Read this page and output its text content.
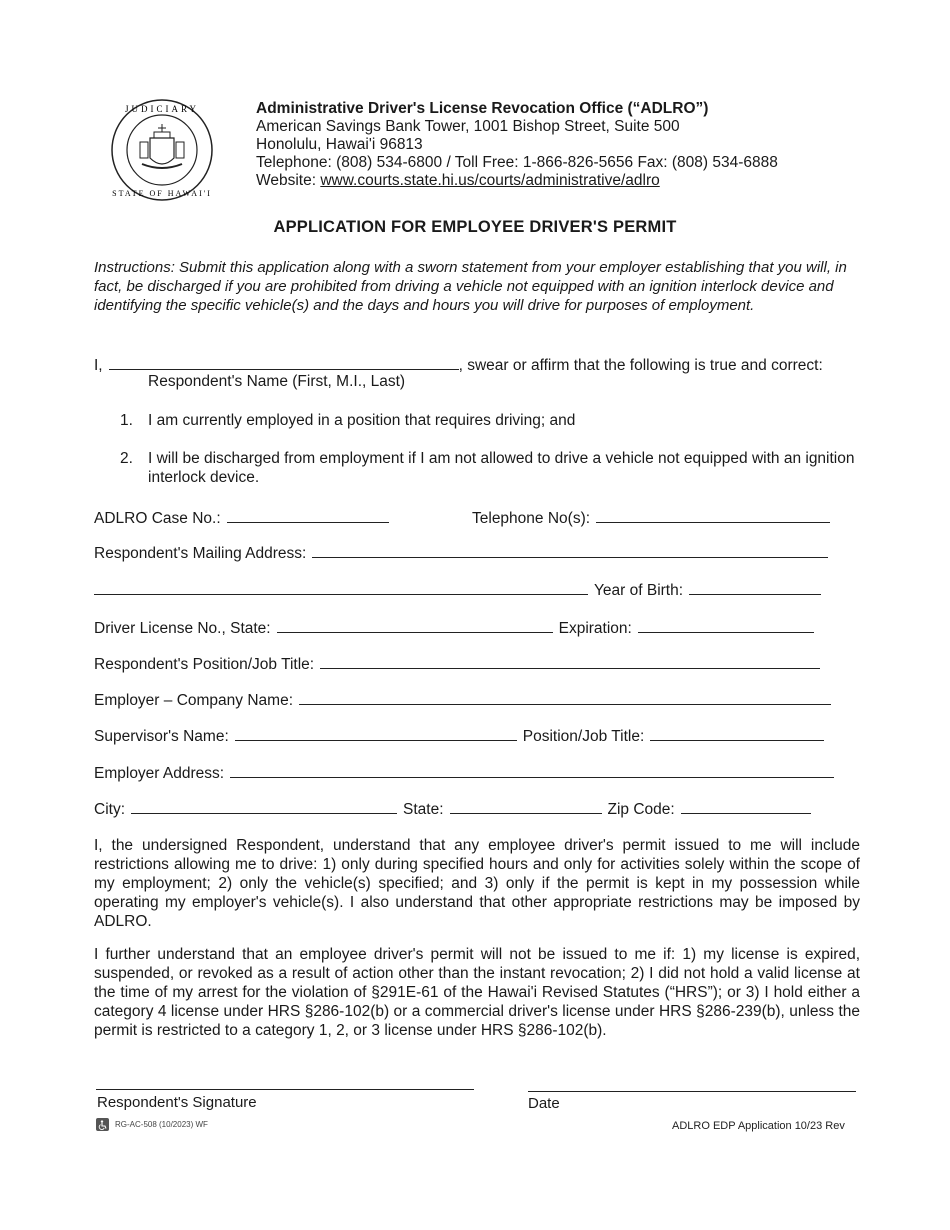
JUDICIARY
STATE OF HAWAI'I
Administrative Driver's License Revocation Office (“ADLRO”)
American Savings Bank Tower, 1001 Bishop Street, Suite 500
Honolulu, Hawai'i 96813
Telephone: (808) 534-6800 / Toll Free: 1-866-826-5656 Fax: (808) 534-6888
Website: www.courts.state.hi.us/courts/administrative/adlro
APPLICATION FOR EMPLOYEE DRIVER'S PERMIT
Instructions: Submit this application along with a sworn statement from your employer establishing that you will, in fact, be discharged if you are prohibited from driving a vehicle not equipped with an ignition interlock device and identifying the specific vehicle(s) and the days and hours you will drive for purposes of employment.
I,	, swear or affirm that the following is true and correct:
Respondent's Name (First, M.I., Last)
1. I am currently employed in a position that requires driving; and
2. I will be discharged from employment if I am not allowed to drive a vehicle not equipped with an ignition interlock device.
ADLRO Case No.:	Telephone No(s):
Respondent's Mailing Address:
Year of Birth:
Driver License No., State:	Expiration:
Respondent's Position/Job Title:
Employer – Company Name:
Supervisor's Name:	Position/Job Title:
Employer Address:
City:	State:	Zip Code:
I, the undersigned Respondent, understand that any employee driver's permit issued to me will include restrictions allowing me to drive: 1) only during specified hours and only for activities solely within the scope of my employment; 2) only the vehicle(s) specified; and 3) only if the permit is kept in my possession while operating my employer's vehicle(s). I also understand that other appropriate restrictions may be imposed by ADLRO.
I further understand that an employee driver's permit will not be issued to me if: 1) my license is expired, suspended, or revoked as a result of action other than the instant revocation; 2) I did not hold a valid license at the time of my arrest for the violation of §291E-61 of the Hawai'i Revised Statutes (“HRS”); or 3) I hold either a category 4 license under HRS §286-102(b) or a commercial driver's license under HRS §286-239(b), unless the permit is restricted to a category 1, 2, or 3 license under HRS §286-102(b).
Respondent's Signature	Date
RG-AC-508 (10/2023) WF	ADLRO EDP Application 10/23 Rev
